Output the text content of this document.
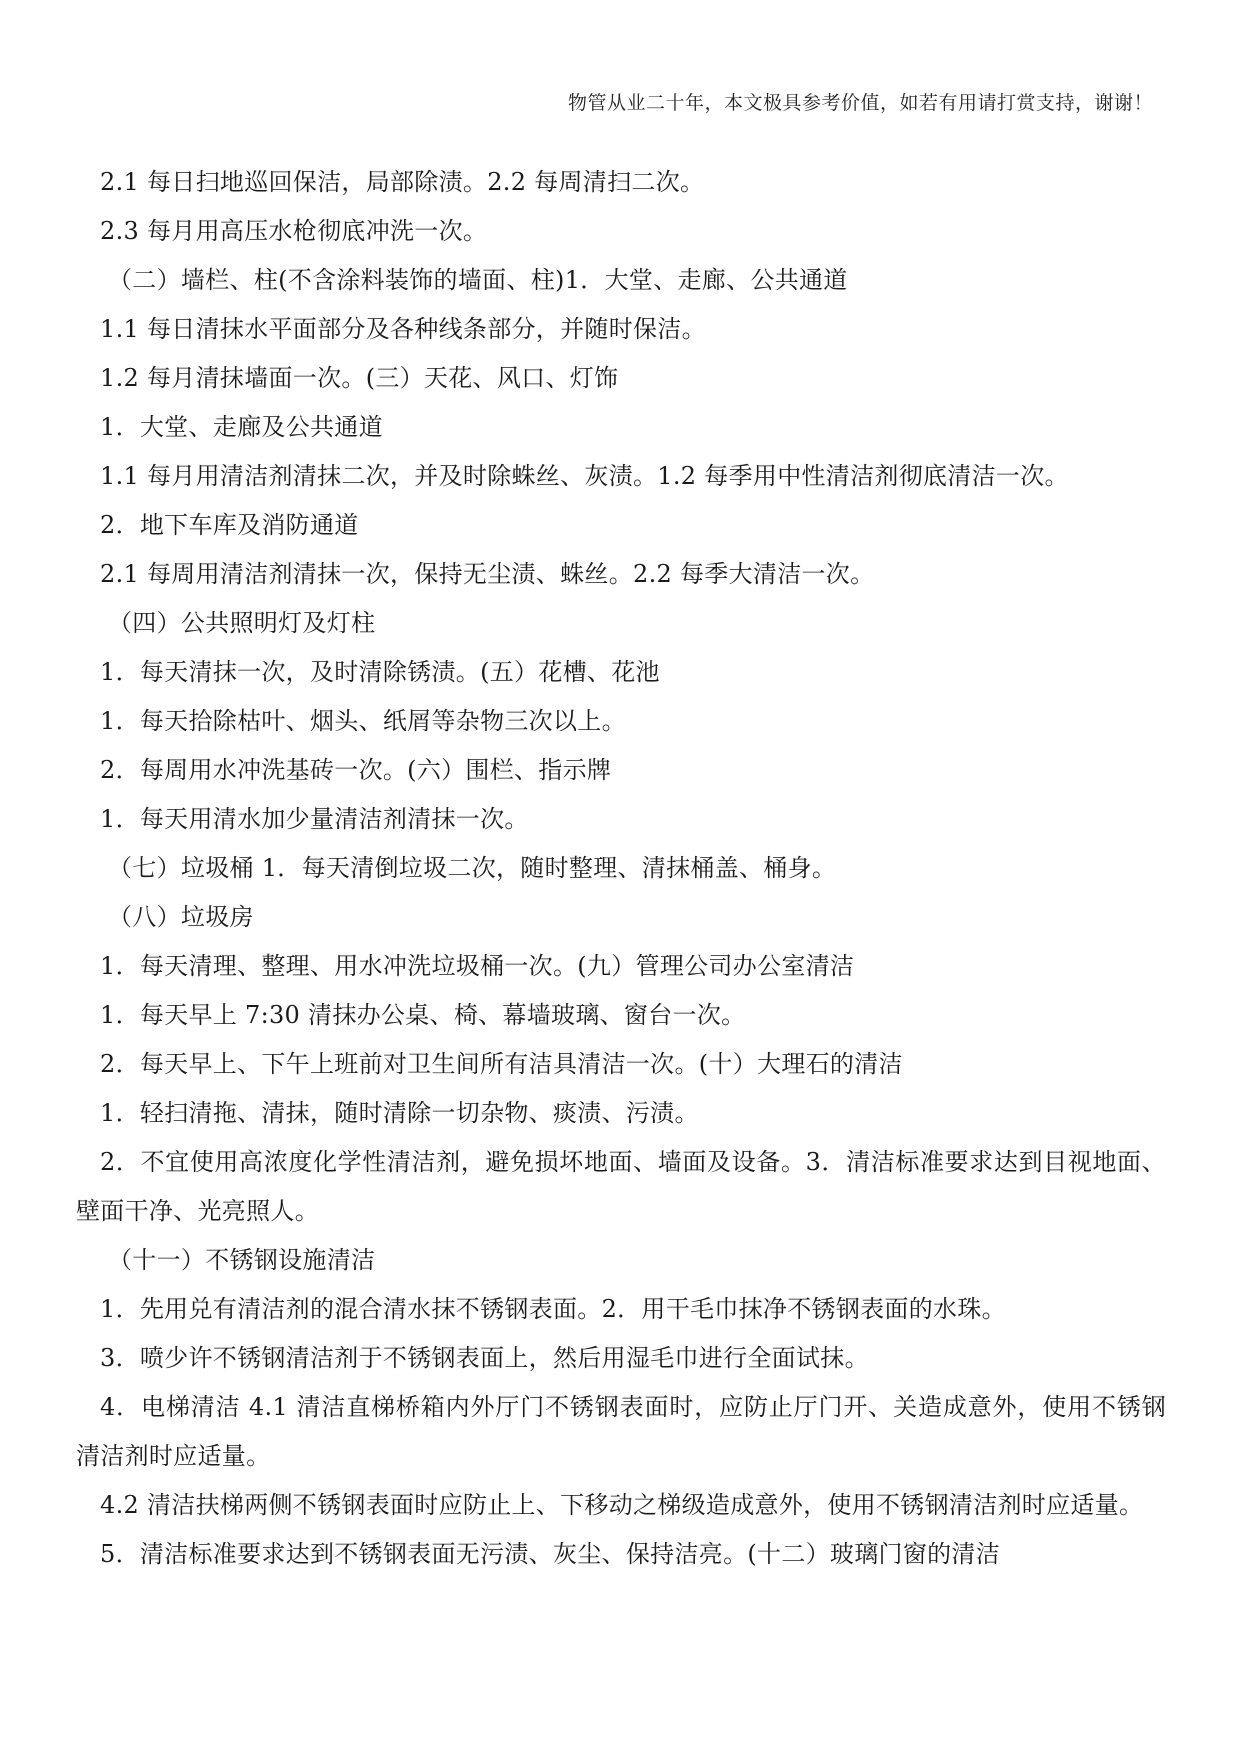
物管从业二十年，本文极具参考价值，如若有用请打赏支持，谢谢！
2.1 每日扫地巡回保洁，局部除渍。2.2 每周清扫二次。
2.3 每月用高压水枪彻底冲洗一次。
（二）墙栏、柱(不含涂料装饰的墙面、柱)1．大堂、走廊、公共通道
1.1 每日清抹水平面部分及各种线条部分，并随时保洁。
1.2 每月清抹墙面一次。(三）天花、风口、灯饰
1．大堂、走廊及公共通道
1.1 每月用清洁剂清抹二次，并及时除蛛丝、灰渍。1.2 每季用中性清洁剂彻底清洁一次。
2．地下车库及消防通道
2.1 每周用清洁剂清抹一次，保持无尘渍、蛛丝。2.2 每季大清洁一次。
（四）公共照明灯及灯柱
1．每天清抹一次，及时清除锈渍。(五）花槽、花池
1．每天拾除枯叶、烟头、纸屑等杂物三次以上。
2．每周用水冲洗基砖一次。(六）围栏、指示牌
1．每天用清水加少量清洁剂清抹一次。
（七）垃圾桶 1．每天清倒垃圾二次，随时整理、清抹桶盖、桶身。
（八）垃圾房
1．每天清理、整理、用水冲洗垃圾桶一次。(九）管理公司办公室清洁
1．每天早上 7:30 清抹办公桌、椅、幕墙玻璃、窗台一次。
2．每天早上、下午上班前对卫生间所有洁具清洁一次。(十）大理石的清洁
1．轻扫清拖、清抹，随时清除一切杂物、痰渍、污渍。
2．不宜使用高浓度化学性清洁剂，避免损坏地面、墙面及设备。3．清洁标准要求达到目视地面、壁面干净、光亮照人。
（十一）不锈钢设施清洁
1．先用兑有清洁剂的混合清水抹不锈钢表面。2．用干毛巾抹净不锈钢表面的水珠。
3．喷少许不锈钢清洁剂于不锈钢表面上，然后用湿毛巾进行全面试抹。
4．电梯清洁 4.1 清洁直梯桥箱内外厅门不锈钢表面时，应防止厅门开、关造成意外，使用不锈钢清洁剂时应适量。
4.2 清洁扶梯两侧不锈钢表面时应防止上、下移动之梯级造成意外，使用不锈钢清洁剂时应适量。
5．清洁标准要求达到不锈钢表面无污渍、灰尘、保持洁亮。(十二）玻璃门窗的清洁
